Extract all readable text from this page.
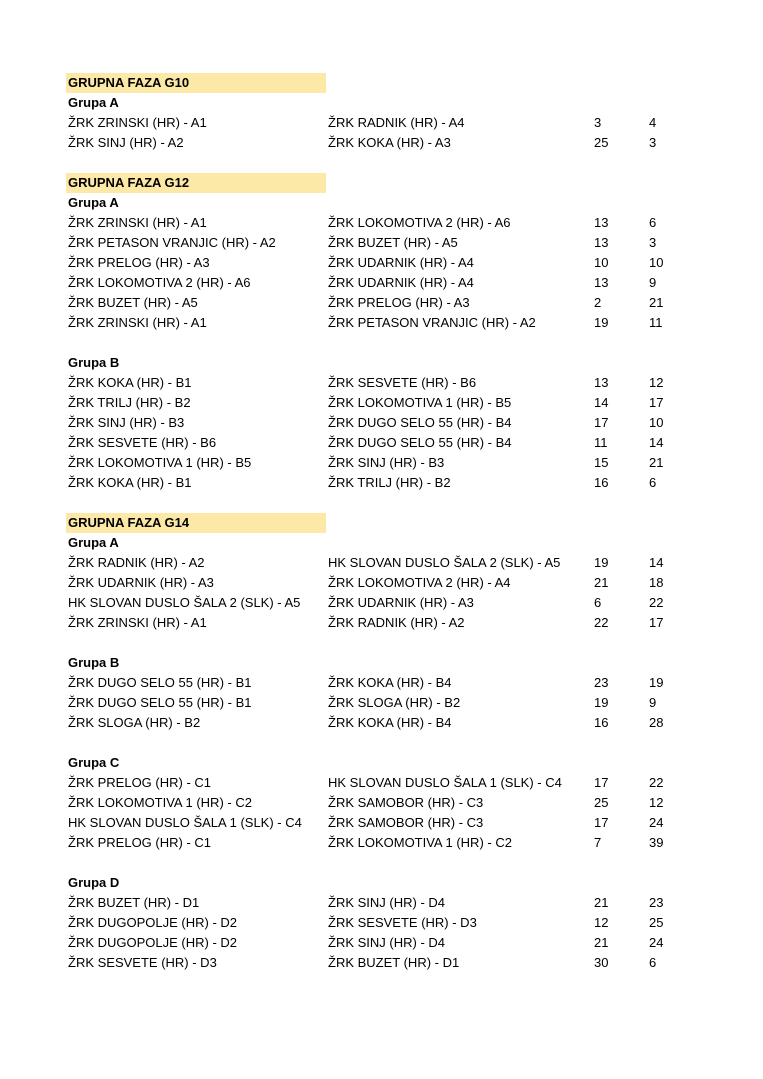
GRUPNA FAZA G10
Grupa A
ŽRK ZRINSKI (HR) - A1	ŽRK RADNIK (HR) - A4	3	4
ŽRK SINJ (HR) - A2	ŽRK KOKA (HR) - A3	25	3
GRUPNA FAZA G12
Grupa A
ŽRK ZRINSKI (HR) - A1	ŽRK LOKOMOTIVA 2 (HR) - A6	13	6
ŽRK PETASON VRANJIC (HR) - A2	ŽRK BUZET (HR) - A5	13	3
ŽRK PRELOG (HR) - A3	ŽRK UDARNIK (HR) - A4	10	10
ŽRK LOKOMOTIVA 2 (HR) - A6	ŽRK UDARNIK (HR) - A4	13	9
ŽRK BUZET (HR) - A5	ŽRK PRELOG (HR) - A3	2	21
ŽRK ZRINSKI (HR) - A1	ŽRK PETASON VRANJIC (HR) - A2	19	11
Grupa B
ŽRK KOKA (HR) - B1	ŽRK SESVETE (HR) - B6	13	12
ŽRK TRILJ (HR) - B2	ŽRK LOKOMOTIVA 1 (HR) - B5	14	17
ŽRK SINJ (HR) - B3	ŽRK DUGO SELO 55 (HR) - B4	17	10
ŽRK SESVETE (HR) - B6	ŽRK DUGO SELO 55 (HR) - B4	11	14
ŽRK LOKOMOTIVA 1 (HR) - B5	ŽRK SINJ (HR) - B3	15	21
ŽRK KOKA (HR) - B1	ŽRK TRILJ (HR) - B2	16	6
GRUPNA FAZA G14
Grupa A
ŽRK RADNIK (HR) - A2	HK SLOVAN DUSLO ŠALA 2 (SLK) - A5	19	14
ŽRK UDARNIK (HR) - A3	ŽRK LOKOMOTIVA 2 (HR) - A4	21	18
HK SLOVAN DUSLO ŠALA 2 (SLK) - A5	ŽRK UDARNIK (HR) - A3	6	22
ŽRK ZRINSKI (HR) - A1	ŽRK RADNIK (HR) - A2	22	17
Grupa B
ŽRK DUGO SELO 55 (HR) - B1	ŽRK KOKA (HR) - B4	23	19
ŽRK DUGO SELO 55 (HR) - B1	ŽRK SLOGA (HR) - B2	19	9
ŽRK SLOGA (HR) - B2	ŽRK KOKA (HR) - B4	16	28
Grupa C
ŽRK PRELOG (HR) - C1	HK SLOVAN DUSLO ŠALA 1 (SLK) - C4	17	22
ŽRK LOKOMOTIVA 1 (HR) - C2	ŽRK SAMOBOR (HR) - C3	25	12
HK SLOVAN DUSLO ŠALA 1 (SLK) - C4	ŽRK SAMOBOR (HR) - C3	17	24
ŽRK PRELOG (HR) - C1	ŽRK LOKOMOTIVA 1 (HR) - C2	7	39
Grupa D
ŽRK BUZET (HR) - D1	ŽRK SINJ (HR) - D4	21	23
ŽRK DUGOPOLJE (HR) - D2	ŽRK SESVETE (HR) - D3	12	25
ŽRK DUGOPOLJE (HR) - D2	ŽRK SINJ (HR) - D4	21	24
ŽRK SESVETE (HR) - D3	ŽRK BUZET (HR) - D1	30	6
